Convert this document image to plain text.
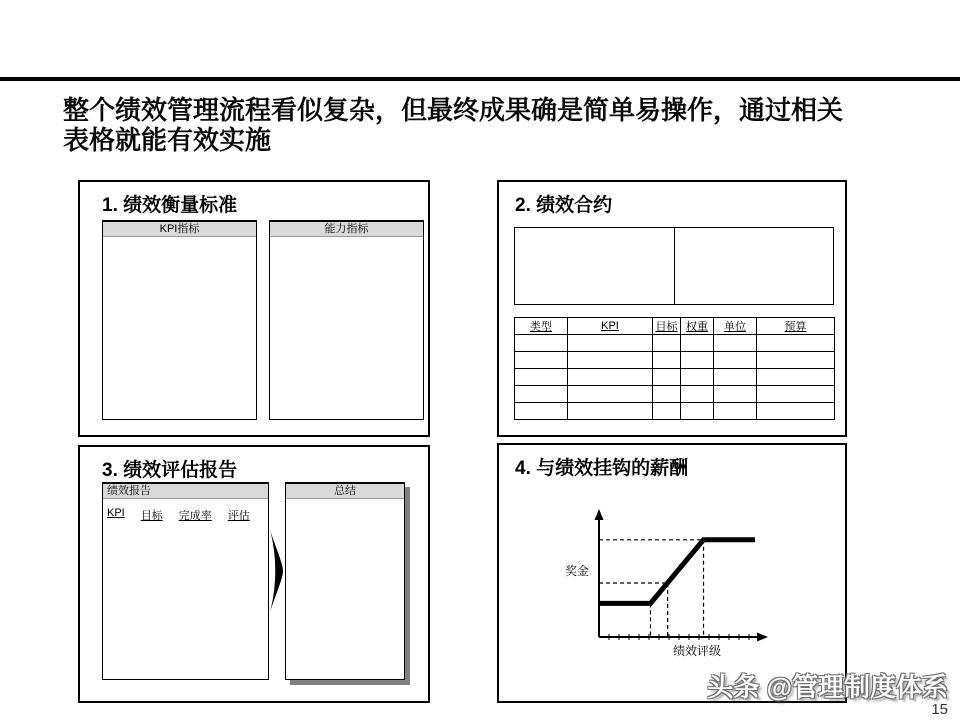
整个绩效管理流程看似复杂，但最终成果确是简单易操作，通过相关
表格就能有效实施
1. 绩效衡量标准
KPI指标	能力指标
2. 绩效合约
类型	KPI	目标	权重	单位	预算

3. 绩效评估报告
绩效报告
KPI 目标 完成率 评估
总结
4. 与绩效挂钩的薪酬
奖金
绩效评级
头条 @管理制度体系
15
